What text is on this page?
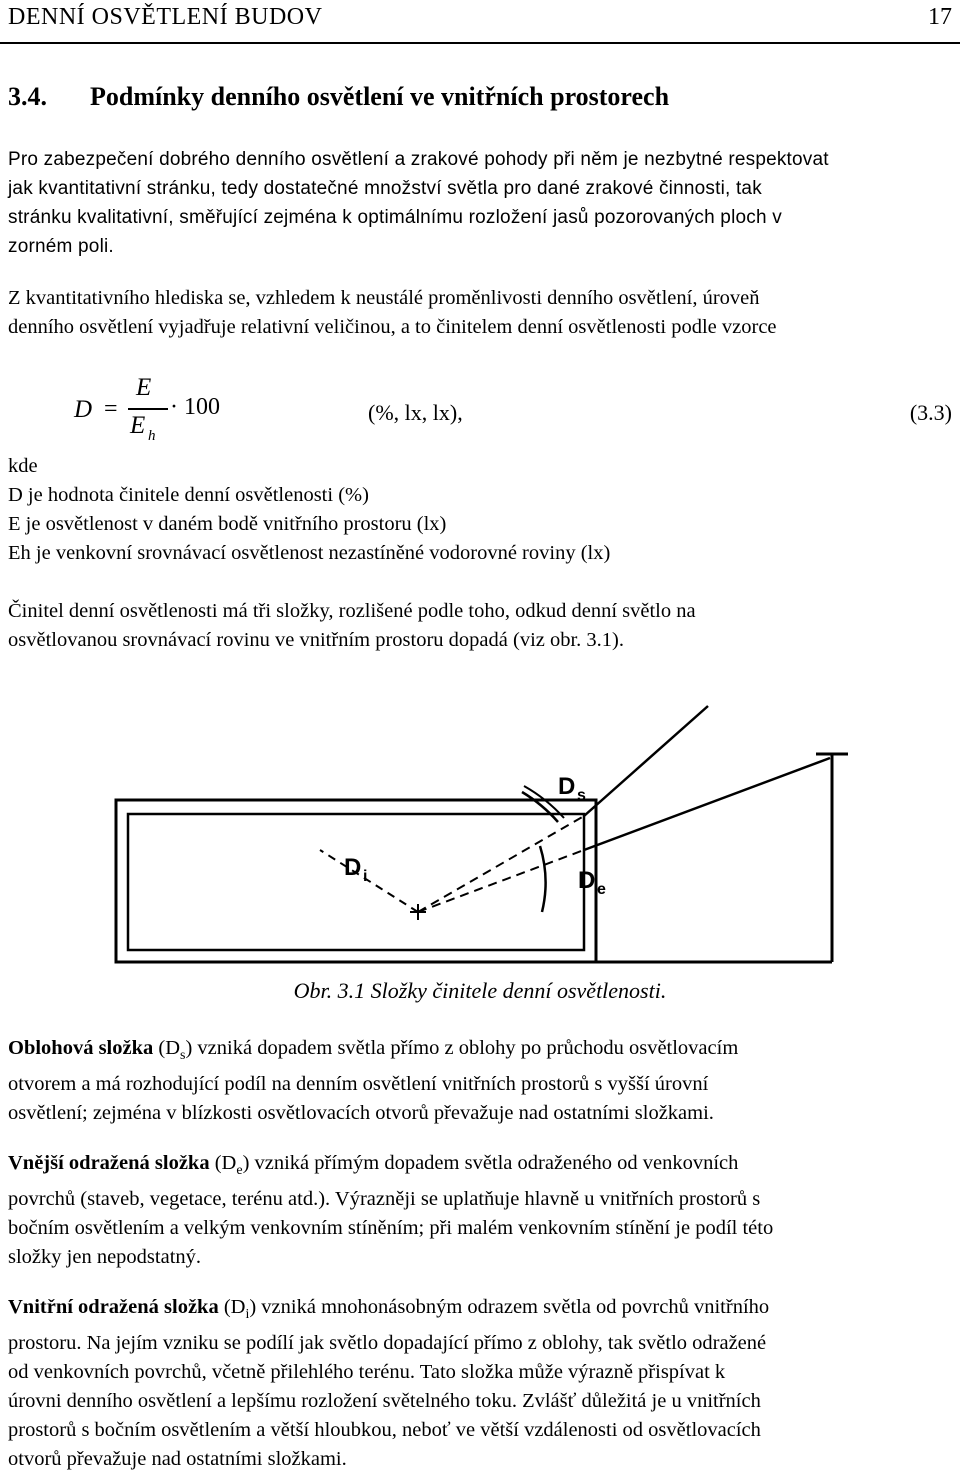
DENNÍ OSVĚTLENÍ BUDOV	17
3.4. Podmínky denního osvětlení ve vnitřních prostorech
Pro zabezpečení dobrého denního osvětlení a zrakové pohody při něm je nezbytné respektovat
jak kvantitativní stránku, tedy dostatečné množství světla pro dané zrakové činnosti, tak
stránku kvalitativní, směřující zejména k optimálnímu rozložení jasů pozorovaných ploch v
zorném poli.
Z kvantitativního hlediska se, vzhledem k neustálé proměnlivosti denního osvětlení, úroveň
denního osvětlení vyjadřuje relativní veličinou, a to činitelem denní osvětlenosti podle vzorce
D =
E
E h
· 100	(%, lx, lx),	(3.3)
kde
D je hodnota činitele denní osvětlenosti (%)
E je osvětlenost v daném bodě vnitřního prostoru (lx)
Eh je venkovní srovnávací osvětlenost nezastíněné vodorovné roviny (lx)
Činitel denní osvětlenosti má tři složky, rozlišené podle toho, odkud denní světlo na
osvětlovanou srovnávací rovinu ve vnitřním prostoru dopadá (viz obr. 3.1).
D s
D i	D e
Obr. 3.1 Složky činitele denní osvětlenosti.
Oblohová složka $(D_s)$ vzniká dopadem světla přímo z oblohy po průchodu osvětlovacím
otvorem a má rozhodující podíl na denním osvětlení vnitřních prostorů s vyšší úrovní
osvětlení; zejména v blízkosti osvětlovacích otvorů převažuje nad ostatními složkami.
Vnější odražená složka $(D_e)$ vzniká přímým dopadem světla odraženého od venkovních
povrchů (staveb, vegetace, terénu atd.). Výrazněji se uplatňuje hlavně u vnitřních prostorů s
bočním osvětlením a velkým venkovním stíněním; při malém venkovním stínění je podíl této
složky jen nepodstatný.
Vnitřní odražená složka $(D_i)$ vzniká mnohonásobným odrazem světla od povrchů vnitřního
prostoru. Na jejím vzniku se podílí jak světlo dopadající přímo z oblohy, tak světlo odražené
od venkovních povrchů, včetně přilehlého terénu. Tato složka může výrazně přispívat k
úrovni denního osvětlení a lepšímu rozložení světelného toku. Zvlášť důležitá je u vnitřních
prostorů s bočním osvětlením a větší hloubkou, neboť ve větší vzdálenosti od osvětlovacích
otvorů převažuje nad ostatními složkami.
